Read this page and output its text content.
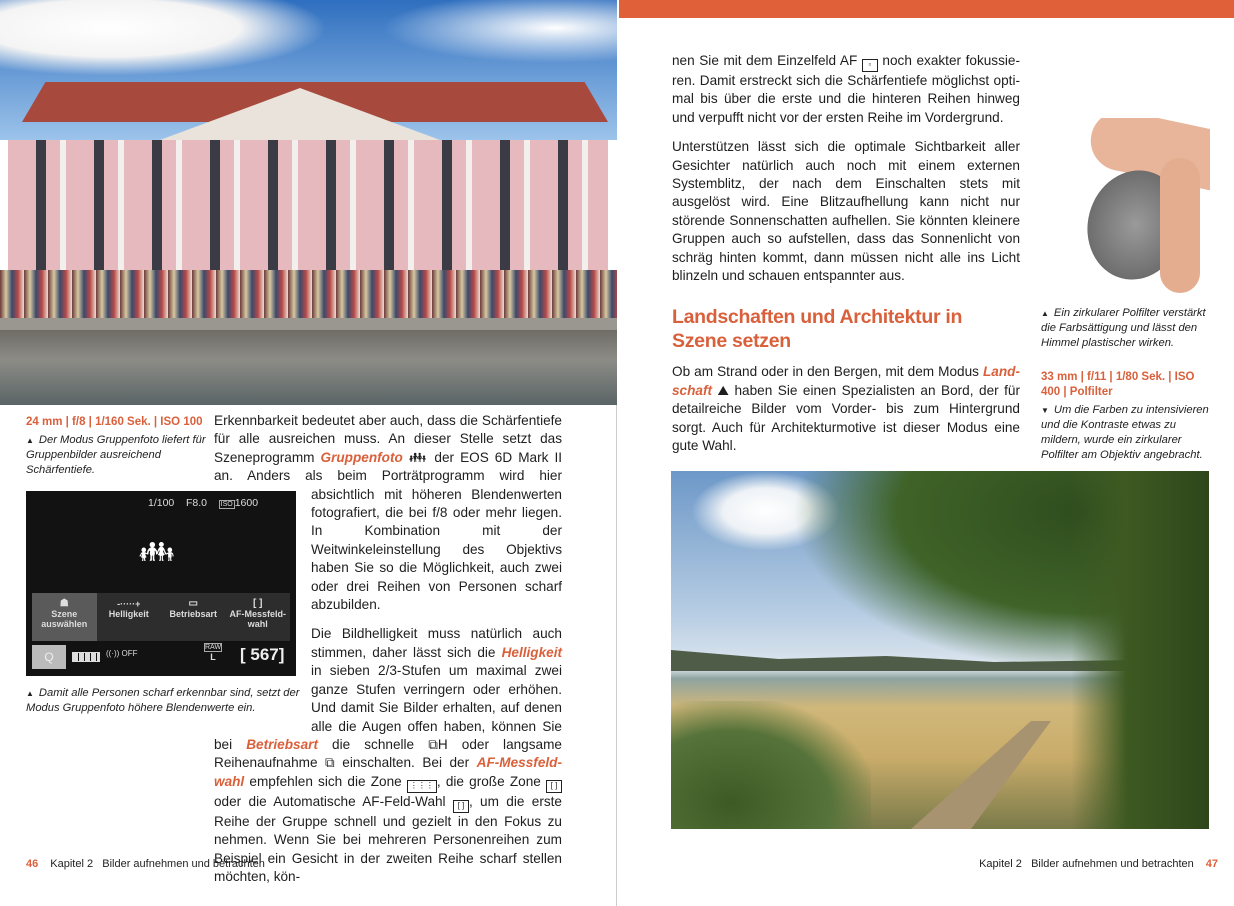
24 mm | f/8 | 1/160 Sek. | ISO 100
▲ Der Modus Gruppenfoto liefert für Gruppenbilder ausreichend Schärfentiefe.
1/100 F8.0 ISO 1600
👪︎
☗
Szene auswählen
-·····+
Helligkeit
▭
Betriebsart
[ ]
AF-Messfeld-wahl
Q	((·)) OFF
RAW
L	[ 567]
▲ Damit alle Personen scharf erkennbar sind, setzt der Modus Gruppenfoto höhere Blendenwerte ein.

Erkennbarkeit bedeutet aber auch, dass die Schärfentiefe für alle ausreichen muss. An dieser Stelle setzt das Szeneprogramm Gruppenfoto 👪︎ der EOS 6D Mark II an. Anders als beim Porträtprogramm wird hier absichtlich mit höheren Blendenwerten fotografiert, die bei f/8 oder mehr liegen. In Kombination mit der Weitwinkeleinstellung des Objektivs haben Sie so die Möglichkeit, auch zwei oder drei Reihen von Personen scharf abzubilden.

Die Bildhelligkeit muss natürlich auch stimmen, daher lässt sich die Helligkeit in sieben 2/3-Stufen um maximal zwei ganze Stufen verringern oder erhöhen. Und damit Sie Bilder erhalten, auf denen alle die Augen offen haben, können Sie bei Betriebsart die schnelle ⧉H oder langsame Reihenaufnahme ⧉ einschalten. Bei der AF-Messfeldwahl empfehlen sich die Zone ⋮⋮⋮ , die große Zone [ ] oder die Automatische AF-Feld-Wahl [ ] , um die erste Reihe der Gruppe schnell und gezielt in den Fokus zu nehmen. Wenn Sie bei mehreren Personenreihen zum Beispiel ein Gesicht in der zweiten Reihe scharf stellen möchten, kön-

46 Kapitel 2 Bilder aufnehmen und betrachten

nen Sie mit dem Einzelfeld AF ▫ noch exakter fokussieren. Damit erstreckt sich die Schärfentiefe möglichst optimal bis über die erste und die hinteren Reihen hinweg und verpufft nicht vor der ersten Reihe im Vordergrund.

Unterstützen lässt sich die optimale Sichtbarkeit aller Gesichter natürlich auch noch mit einem externen Systemblitz, der nach dem Einschalten stets mit ausgelöst wird. Eine Blitzaufhellung kann nicht nur störende Sonnenschatten aufhellen. Sie könnten kleinere Gruppen auch so aufstellen, dass das Sonnenlicht von schräg hinten kommt, dann müssen nicht alle ins Licht blinzeln und schauen entspannter aus.

Landschaften und Architektur in Szene setzen

Ob am Strand oder in den Bergen, mit dem Modus Landschaft ⛰ haben Sie einen Spezialisten an Bord, der für detailreiche Bilder vom Vorder- bis zum Hintergrund sorgt. Auch für Architekturmotive ist dieser Modus eine gute Wahl.

▲ Ein zirkularer Polfilter verstärkt die Farbsättigung und lässt den Himmel plastischer wirken.
33 mm | f/11 | 1/80 Sek. | ISO 400 | Polfilter
▼ Um die Farben zu intensivieren und die Kontraste etwas zu mildern, wurde ein zirkularer Polfilter am Objektiv angebracht.
Kapitel 2 Bilder aufnehmen und betrachten 47
